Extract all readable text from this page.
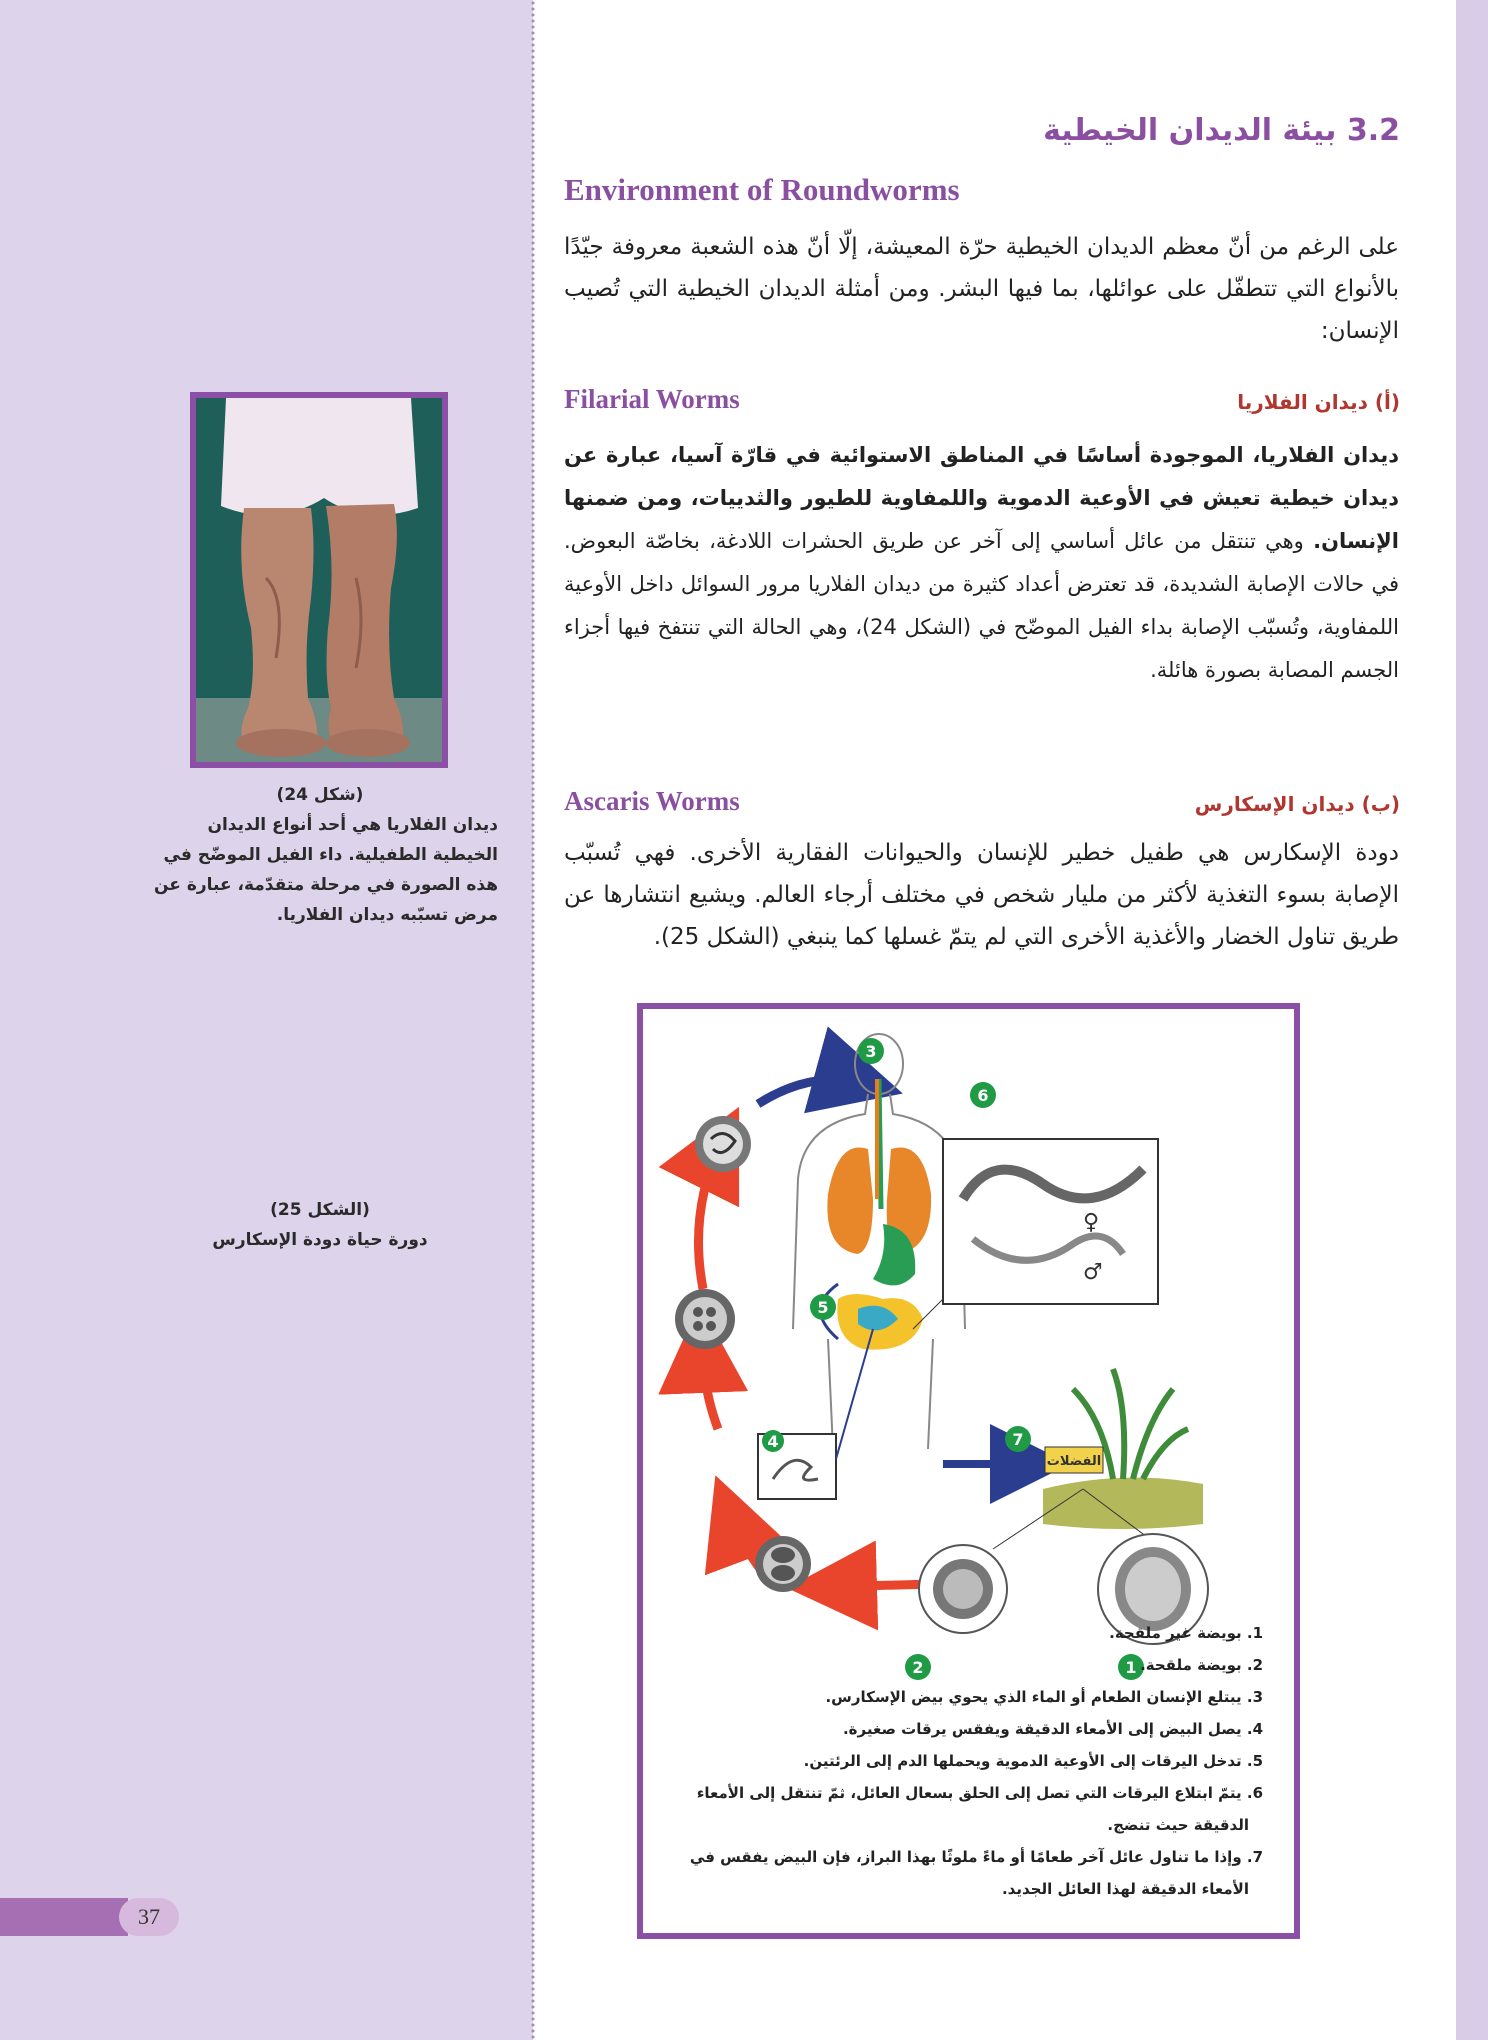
37
(شكل 24)
ديدان الفلاريا هي أحد أنواع الديدان الخيطية الطفيلية. داء الفيل الموضّح في هذه الصورة في مرحلة متقدّمة، عبارة عن مرض تسبّبه ديدان الفلاريا.
(الشكل 25)
دورة حياة دودة الإسكارس
3.2 بيئة الديدان الخيطية
Environment of Roundworms
على الرغم من أنّ معظم الديدان الخيطية حرّة المعيشة، إلّا أنّ هذه الشعبة معروفة جيّدًا بالأنواع التي تتطفّل على عوائلها، بما فيها البشر. ومن أمثلة الديدان الخيطية التي تُصيب الإنسان:
Filarial Worms	(أ) ديدان الفلاريا
ديدان الفلاريا، الموجودة أساسًا في المناطق الاستوائية في قارّة آسيا، عبارة عن ديدان خيطية تعيش في الأوعية الدموية واللمفاوية للطيور والثدييات، ومن ضمنها الإنسان. وهي تنتقل من عائل أساسي إلى آخر عن طريق الحشرات اللادغة، بخاصّة البعوض. في حالات الإصابة الشديدة، قد تعترض أعداد كثيرة من ديدان الفلاريا مرور السوائل داخل الأوعية اللمفاوية، وتُسبّب الإصابة بداء الفيل الموضّح في (الشكل 24)، وهي الحالة التي تنتفخ فيها أجزاء الجسم المصابة بصورة هائلة.
Ascaris Worms	(ب) ديدان الإسكارس
دودة الإسكارس هي طفيل خطير للإنسان والحيوانات الفقارية الأخرى. فهي تُسبّب الإصابة بسوء التغذية لأكثر من مليار شخص في مختلف أرجاء العالم. ويشيع انتشارها عن طريق تناول الخضار والأغذية الأخرى التي لم يتمّ غسلها كما ينبغي (الشكل 25).
♀
♂
الفضلات
1
2
3
4
5
6
7
1. بويضة غير ملقحة.
2. بويضة ملقحة.
3. يبتلع الإنسان الطعام أو الماء الذي يحوي بيض الإسكارس.
4. يصل البيض إلى الأمعاء الدقيقة ويفقس يرقات صغيرة.
5. تدخل اليرقات إلى الأوعية الدموية ويحملها الدم إلى الرئتين.
6. يتمّ ابتلاع اليرقات التي تصل إلى الحلق بسعال العائل، ثمّ تنتقل إلى الأمعاء الدقيقة حيث تنضج.
7. وإذا ما تناول عائل آخر طعامًا أو ماءً ملوثًا بهذا البراز، فإن البيض يفقس في الأمعاء الدقيقة لهذا العائل الجديد.
